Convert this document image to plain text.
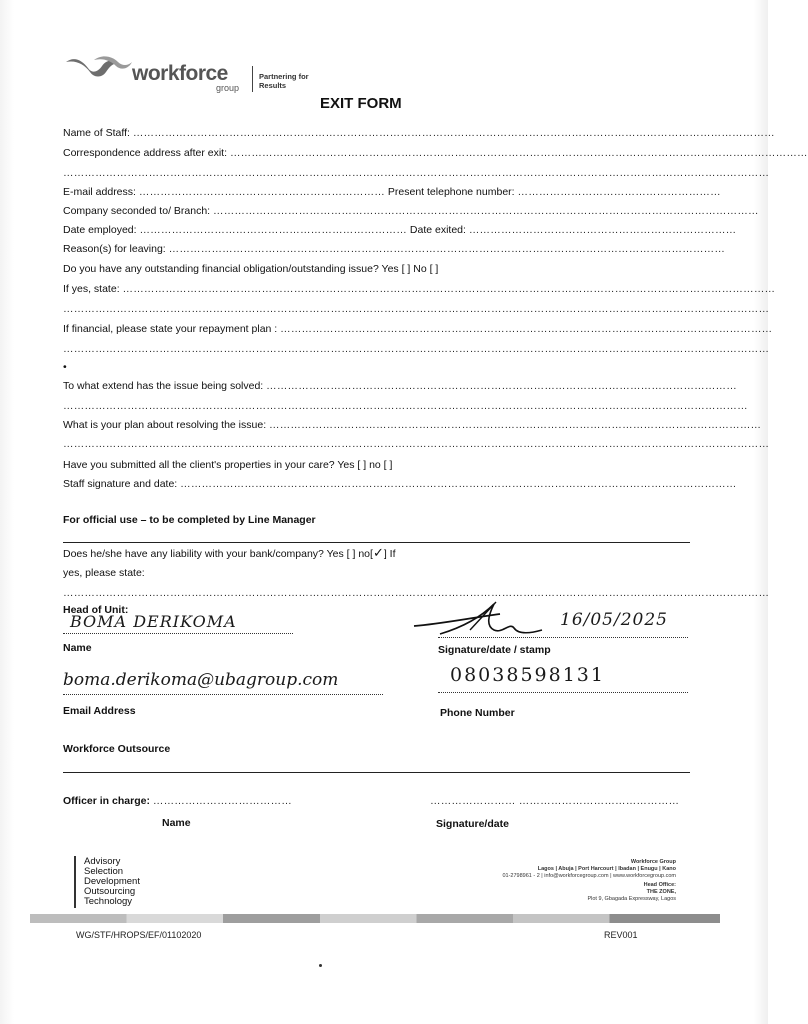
workforce
group
Partnering for
Results
EXIT FORM
Name of Staff: ………………………………………………………………………………………………………………………………………………………………
Correspondence address after exit: ………………………………………………………………………………………………………………………………………………
………………………………………………………………………………………………………………………………………………………………………………
E-mail address: …………………………………………………………… Present telephone number: …………………………………………………
Company seconded to/ Branch: ………………………………………………………………………………………………………………………………………
Date employed: ………………………………………………………………… Date exited: …………………………………………………………………
Reason(s) for leaving: …………………………………………………………………………………………………………………………………………
Do you have any outstanding financial obligation/outstanding issue? Yes [ ] No [ ]
If yes, state: …………………………………………………………………………………………………………………………………………………………………
………………………………………………………………………………………………………………………………………………………………………………
If financial, please state your repayment plan : …………………………………………………………………………………………………………………………
………………………………………………………………………………………………………………………………………………………………………………
•
To what extend has the issue being solved: ……………………………………………………………………………………………………………………
…………………………………………………………………………………………………………………………………………………………………………
What is your plan about resolving the issue: …………………………………………………………………………………………………………………………
………………………………………………………………………………………………………………………………………………………………………………
Have you submitted all the client's properties in your care? Yes [ ] no [ ]
Staff signature and date: …………………………………………………………………………………………………………………………………………
For official use – to be completed by Line Manager
Does he/she have any liability with your bank/company? Yes [ ] no[✓] If
yes, please state:
………………………………………………………………………………………………………………………………………………………………………………
Head of Unit:
BOMA DERIKOMA	16/05/2025
Name	Signature/date / stamp
boma.derikoma@ubagroup.com	08038598131
Email Address	Phone Number
Workforce Outsource
Officer in charge: …………………………………	…………………… ………………………………………
Name	Signature/date
Advisory
Selection
Development
Outsourcing
Technology
Workforce Group
Lagos | Abuja | Port Harcourt | Ibadan | Enugu | Kano
01-2798961 - 2 | info@workforcegroup.com | www.workforcegroup.com
Head Office:
THE ZONE,
Plot 9, Gbagada Expressway, Lagos
WG/STF/HROPS/EF/01102020	REV001
